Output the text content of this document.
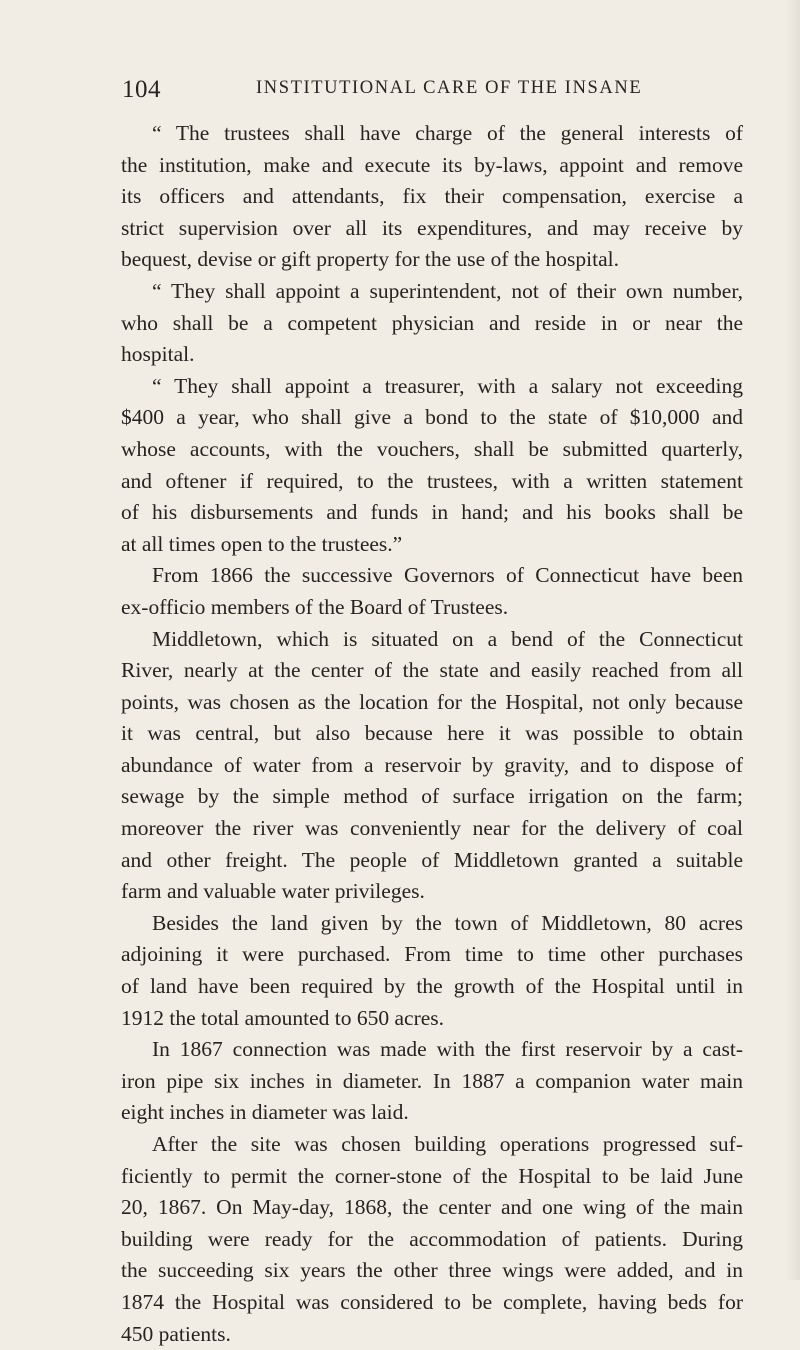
104	INSTITUTIONAL CARE OF THE INSANE
“ The trustees shall have charge of the general interests of
the institution, make and execute its by-laws, appoint and remove
its officers and attendants, fix their compensation, exercise a
strict supervision over all its expenditures, and may receive by
bequest, devise or gift property for the use of the hospital.
“ They shall appoint a superintendent, not of their own number,
who shall be a competent physician and reside in or near the
hospital.
“ They shall appoint a treasurer, with a salary not exceeding
$400 a year, who shall give a bond to the state of $10,000 and
whose accounts, with the vouchers, shall be submitted quarterly,
and oftener if required, to the trustees, with a written statement
of his disbursements and funds in hand; and his books shall be
at all times open to the trustees.”
From 1866 the successive Governors of Connecticut have been
ex-officio members of the Board of Trustees.
Middletown, which is situated on a bend of the Connecticut
River, nearly at the center of the state and easily reached from all
points, was chosen as the location for the Hospital, not only because
it was central, but also because here it was possible to obtain
abundance of water from a reservoir by gravity, and to dispose of
sewage by the simple method of surface irrigation on the farm;
moreover the river was conveniently near for the delivery of coal
and other freight. The people of Middletown granted a suitable
farm and valuable water privileges.
Besides the land given by the town of Middletown, 80 acres
adjoining it were purchased. From time to time other purchases
of land have been required by the growth of the Hospital until in
1912 the total amounted to 650 acres.
In 1867 connection was made with the first reservoir by a cast-
iron pipe six inches in diameter. In 1887 a companion water main
eight inches in diameter was laid.
After the site was chosen building operations progressed suf-
ficiently to permit the corner-stone of the Hospital to be laid June
20, 1867. On May-day, 1868, the center and one wing of the main
building were ready for the accommodation of patients. During
the succeeding six years the other three wings were added, and in
1874 the Hospital was considered to be complete, having beds for
450 patients.
